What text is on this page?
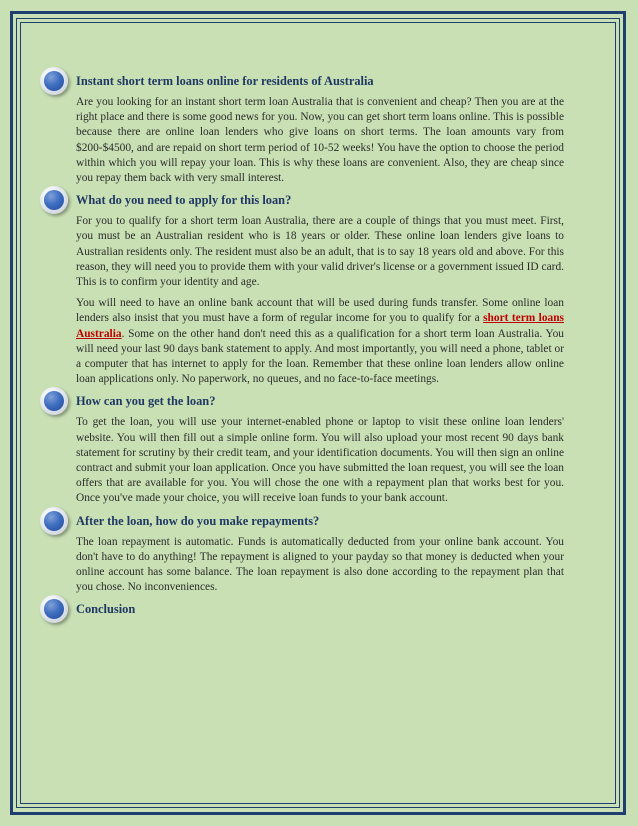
Instant short term loans online for residents of Australia

Are you looking for an instant short term loan Australia that is convenient and cheap? Then you are at the right place and there is some good news for you. Now, you can get short term loans online. This is possible because there are online loan lenders who give loans on short terms. The loan amounts vary from $200-$4500, and are repaid on short term period of 10-52 weeks! You have the option to choose the period within which you will repay your loan. This is why these loans are convenient. Also, they are cheap since you repay them back with very small interest.

What do you need to apply for this loan?

For you to qualify for a short term loan Australia, there are a couple of things that you must meet. First, you must be an Australian resident who is 18 years or older. These online loan lenders give loans to Australian residents only. The resident must also be an adult, that is to say 18 years old and above. For this reason, they will need you to provide them with your valid driver's license or a government issued ID card. This is to confirm your identity and age.

You will need to have an online bank account that will be used during funds transfer. Some online loan lenders also insist that you must have a form of regular income for you to qualify for a short term loans Australia. Some on the other hand don't need this as a qualification for a short term loan Australia. You will need your last 90 days bank statement to apply. And most importantly, you will need a phone, tablet or a computer that has internet to apply for the loan. Remember that these online loan lenders allow online loan applications only. No paperwork, no queues, and no face-to-face meetings.

How can you get the loan?

To get the loan, you will use your internet-enabled phone or laptop to visit these online loan lenders' website. You will then fill out a simple online form. You will also upload your most recent 90 days bank statement for scrutiny by their credit team, and your identification documents. You will then sign an online contract and submit your loan application. Once you have submitted the loan request, you will see the loan offers that are available for you. You will chose the one with a repayment plan that works best for you. Once you've made your choice, you will receive loan funds to your bank account.

After the loan, how do you make repayments?

The loan repayment is automatic. Funds is automatically deducted from your online bank account. You don't have to do anything! The repayment is aligned to your payday so that money is deducted when your online account has some balance. The loan repayment is also done according to the repayment plan that you chose. No inconveniences.

Conclusion
